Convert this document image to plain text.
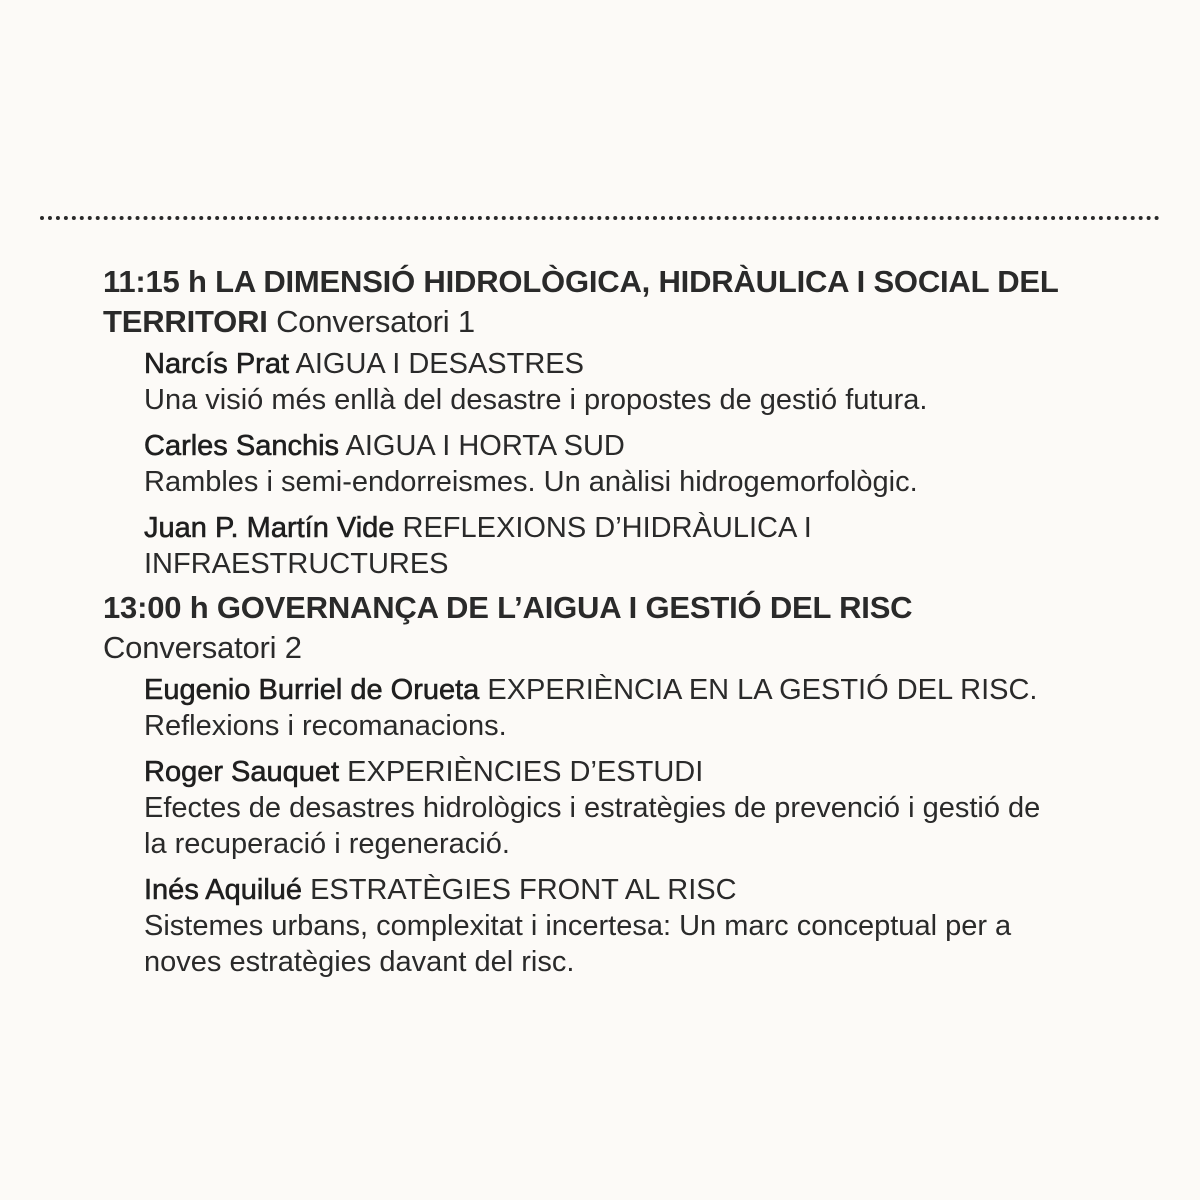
11:15 h LA DIMENSIÓ HIDROLÒGICA, HIDRÀULICA I SOCIAL DEL TERRITORI Conversatori 1

Narcís Prat AIGUA I DESASTRES
Una visió més enllà del desastre i propostes de gestió futura.
Carles Sanchis AIGUA I HORTA SUD
Rambles i semi-endorreismes. Un anàlisi hidrogemorfològic.
Juan P. Martín Vide REFLEXIONS D’HIDRÀULICA I INFRAESTRUCTURES

13:00 h GOVERNANÇA DE L’AIGUA I GESTIÓ DEL RISC
Conversatori 2

Eugenio Burriel de Orueta EXPERIÈNCIA EN LA GESTIÓ DEL RISC.
Reflexions i recomanacions.
Roger Sauquet EXPERIÈNCIES D’ESTUDI
Efectes de desastres hidrològics i estratègies de prevenció i gestió de la recuperació i regeneració.
Inés Aquilué ESTRATÈGIES FRONT AL RISC
Sistemes urbans, complexitat i incertesa: Un marc conceptual per a noves estratègies davant del risc.
